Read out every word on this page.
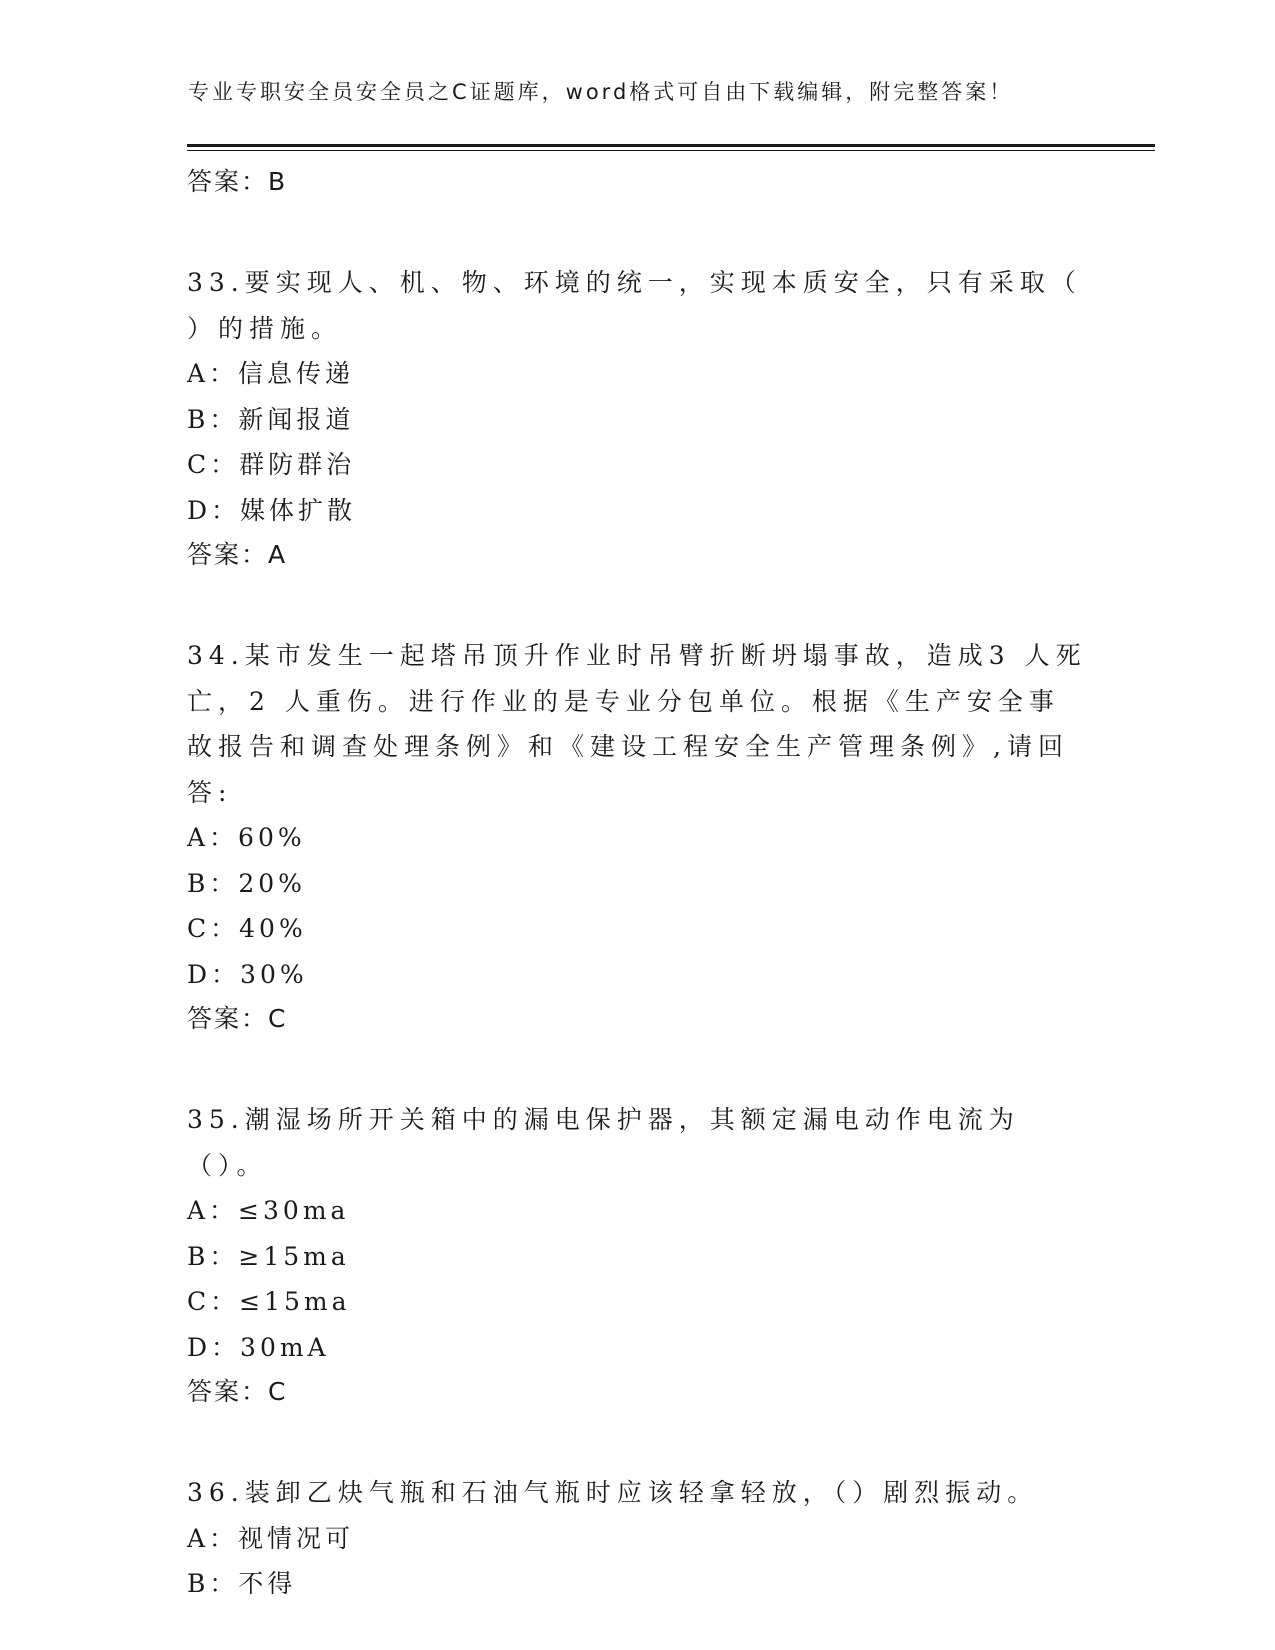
专业专职安全员安全员之C证题库，word格式可自由下载编辑，附完整答案！
答案：B
33.要实现人、机、物、环境的统一，实现本质安全，只有采取（ ）的措施。
A：信息传递
B：新闻报道
C：群防群治
D：媒体扩散
答案：A
34.某市发生一起塔吊顶升作业时吊臂折断坍塌事故，造成3 人死亡，2 人重伤。进行作业的是专业分包单位。根据《生产安全事故报告和调查处理条例》和《建设工程安全生产管理条例》,请回答:
A：60%
B：20%
C：40%
D：30%
答案：C
35.潮湿场所开关箱中的漏电保护器，其额定漏电动作电流为（）。
A：≤30ma
B：≥15ma
C：≤15ma
D：30mA
答案：C
36.装卸乙炔气瓶和石油气瓶时应该轻拿轻放，（）剧烈振动。
A：视情况可
B：不得
